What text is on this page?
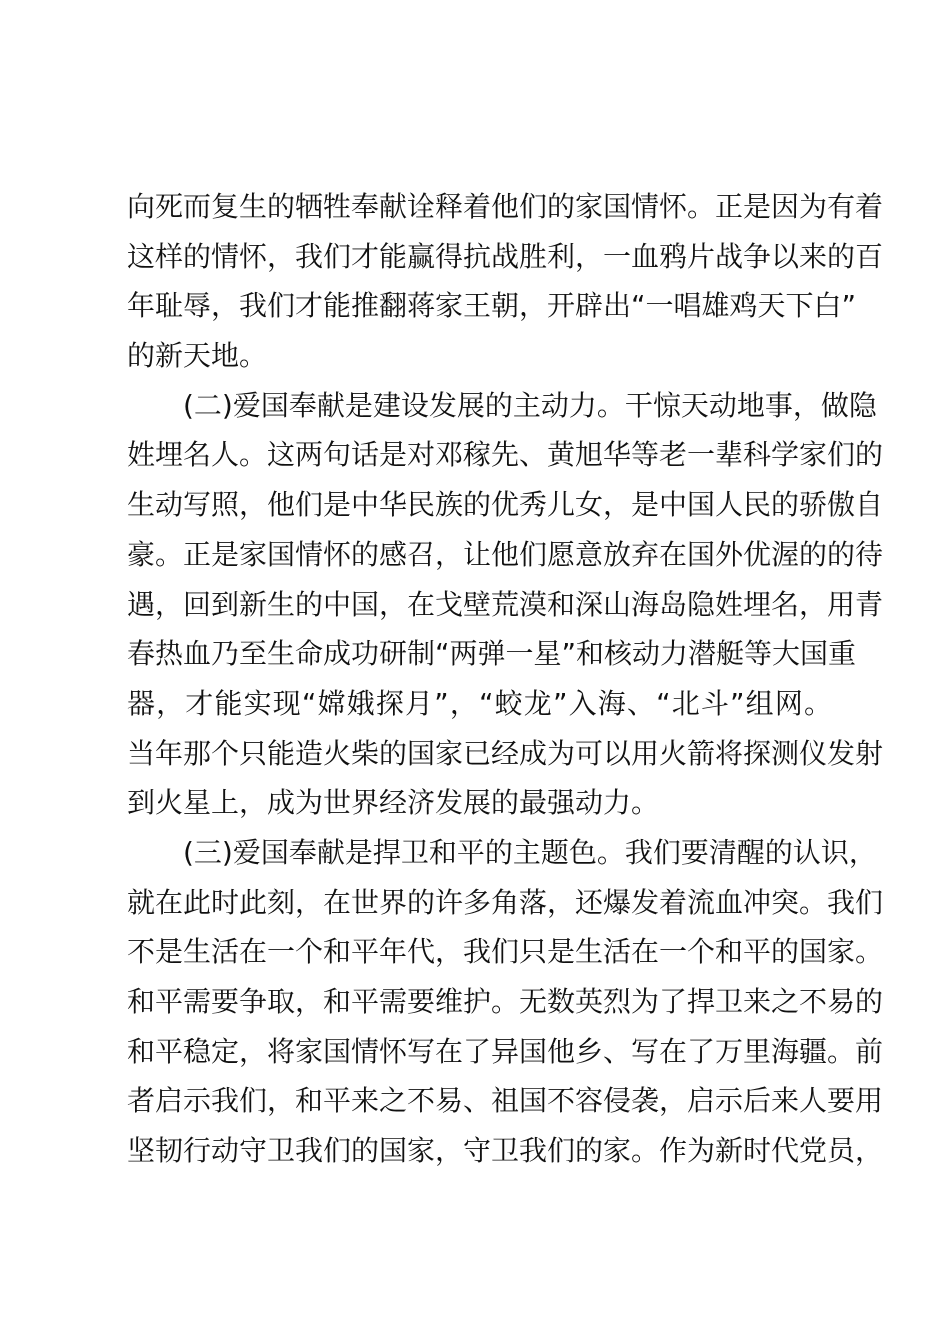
向死而复生的牺牲奉献诠释着他们的家国情怀。正是因为有着
这样的情怀，我们才能赢得抗战胜利，一血鸦片战争以来的百
年耻辱，我们才能推翻蒋家王朝，开辟出“一唱雄鸡天下白”
的新天地。
(二)爱国奉献是建设发展的主动力。干惊天动地事，做隐
姓埋名人。这两句话是对邓稼先、黄旭华等老一辈科学家们的
生动写照，他们是中华民族的优秀儿女，是中国人民的骄傲自
豪。正是家国情怀的感召，让他们愿意放弃在国外优渥的的待
遇，回到新生的中国，在戈壁荒漠和深山海岛隐姓埋名，用青
春热血乃至生命成功研制“两弹一星”和核动力潜艇等大国重
器，才能实现“嫦娥探月”，“蛟龙”入海、“北斗”组网。
当年那个只能造火柴的国家已经成为可以用火箭将探测仪发射
到火星上，成为世界经济发展的最强动力。
(三)爱国奉献是捍卫和平的主题色。我们要清醒的认识，
就在此时此刻，在世界的许多角落，还爆发着流血冲突。我们
不是生活在一个和平年代，我们只是生活在一个和平的国家。
和平需要争取，和平需要维护。无数英烈为了捍卫来之不易的
和平稳定，将家国情怀写在了异国他乡、写在了万里海疆。前
者启示我们，和平来之不易、祖国不容侵袭，启示后来人要用
坚韧行动守卫我们的国家，守卫我们的家。作为新时代党员，
